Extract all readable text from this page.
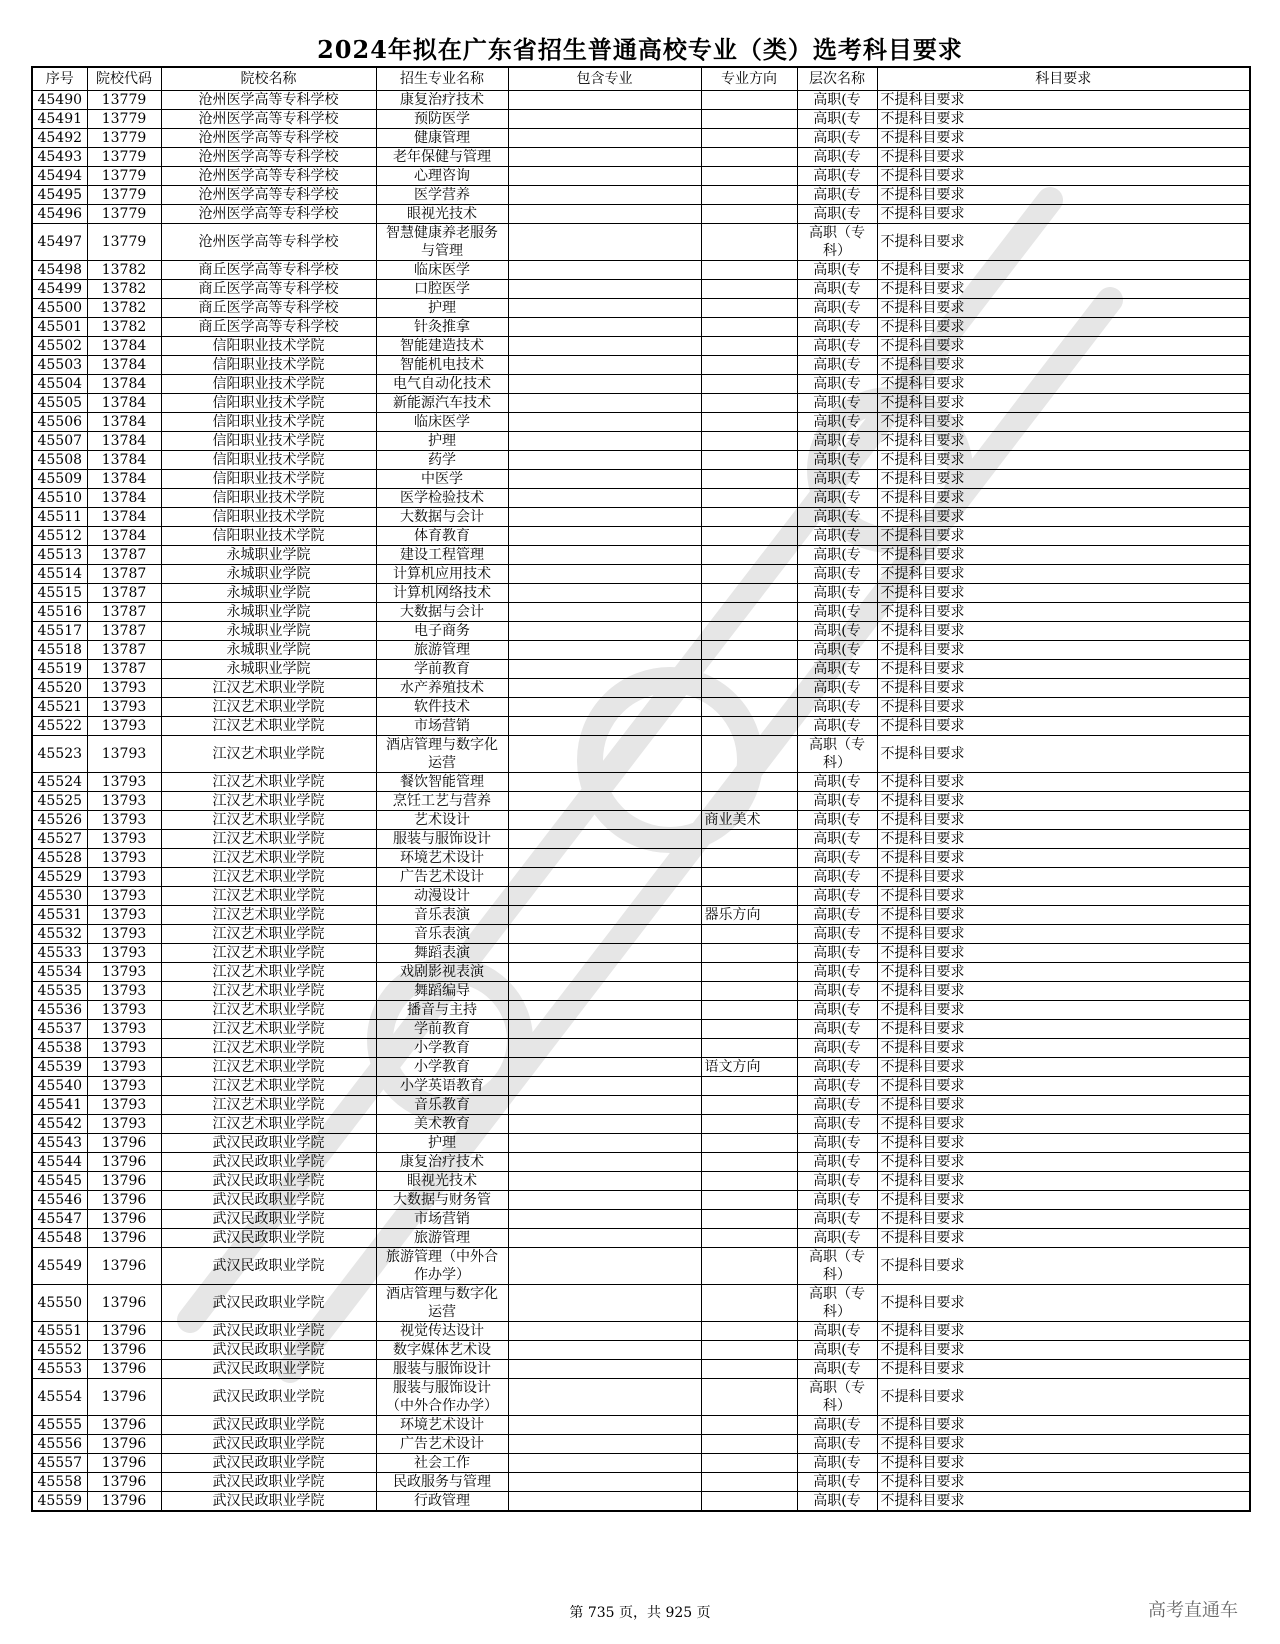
2024年拟在广东省招生普通高校专业（类）选考科目要求
序号	院校代码	院校名称	招生专业名称	包含专业	专业方向	层次名称	科目要求
45490	13779	沧州医学高等专科学校	康复治疗技术			高职(专	不提科目要求
45491	13779	沧州医学高等专科学校	预防医学			高职(专	不提科目要求
45492	13779	沧州医学高等专科学校	健康管理			高职(专	不提科目要求
45493	13779	沧州医学高等专科学校	老年保健与管理			高职(专	不提科目要求
45494	13779	沧州医学高等专科学校	心理咨询			高职(专	不提科目要求
45495	13779	沧州医学高等专科学校	医学营养			高职(专	不提科目要求
45496	13779	沧州医学高等专科学校	眼视光技术			高职(专	不提科目要求
45497	13779	沧州医学高等专科学校	智慧健康养老服务与管理			高职（专科）	不提科目要求
45498	13782	商丘医学高等专科学校	临床医学			高职(专	不提科目要求
45499	13782	商丘医学高等专科学校	口腔医学			高职(专	不提科目要求
45500	13782	商丘医学高等专科学校	护理			高职(专	不提科目要求
45501	13782	商丘医学高等专科学校	针灸推拿			高职(专	不提科目要求
45502	13784	信阳职业技术学院	智能建造技术			高职(专	不提科目要求
45503	13784	信阳职业技术学院	智能机电技术			高职(专	不提科目要求
45504	13784	信阳职业技术学院	电气自动化技术			高职(专	不提科目要求
45505	13784	信阳职业技术学院	新能源汽车技术			高职(专	不提科目要求
45506	13784	信阳职业技术学院	临床医学			高职(专	不提科目要求
45507	13784	信阳职业技术学院	护理			高职(专	不提科目要求
45508	13784	信阳职业技术学院	药学			高职(专	不提科目要求
45509	13784	信阳职业技术学院	中医学			高职(专	不提科目要求
45510	13784	信阳职业技术学院	医学检验技术			高职(专	不提科目要求
45511	13784	信阳职业技术学院	大数据与会计			高职(专	不提科目要求
45512	13784	信阳职业技术学院	体育教育			高职(专	不提科目要求
45513	13787	永城职业学院	建设工程管理			高职(专	不提科目要求
45514	13787	永城职业学院	计算机应用技术			高职(专	不提科目要求
45515	13787	永城职业学院	计算机网络技术			高职(专	不提科目要求
45516	13787	永城职业学院	大数据与会计			高职(专	不提科目要求
45517	13787	永城职业学院	电子商务			高职(专	不提科目要求
45518	13787	永城职业学院	旅游管理			高职(专	不提科目要求
45519	13787	永城职业学院	学前教育			高职(专	不提科目要求
45520	13793	江汉艺术职业学院	水产养殖技术			高职(专	不提科目要求
45521	13793	江汉艺术职业学院	软件技术			高职(专	不提科目要求
45522	13793	江汉艺术职业学院	市场营销			高职(专	不提科目要求
45523	13793	江汉艺术职业学院	酒店管理与数字化运营			高职（专科）	不提科目要求
45524	13793	江汉艺术职业学院	餐饮智能管理			高职(专	不提科目要求
45525	13793	江汉艺术职业学院	烹饪工艺与营养			高职(专	不提科目要求
45526	13793	江汉艺术职业学院	艺术设计		商业美术	高职(专	不提科目要求
45527	13793	江汉艺术职业学院	服装与服饰设计			高职(专	不提科目要求
45528	13793	江汉艺术职业学院	环境艺术设计			高职(专	不提科目要求
45529	13793	江汉艺术职业学院	广告艺术设计			高职(专	不提科目要求
45530	13793	江汉艺术职业学院	动漫设计			高职(专	不提科目要求
45531	13793	江汉艺术职业学院	音乐表演		器乐方向	高职(专	不提科目要求
45532	13793	江汉艺术职业学院	音乐表演			高职(专	不提科目要求
45533	13793	江汉艺术职业学院	舞蹈表演			高职(专	不提科目要求
45534	13793	江汉艺术职业学院	戏剧影视表演			高职(专	不提科目要求
45535	13793	江汉艺术职业学院	舞蹈编导			高职(专	不提科目要求
45536	13793	江汉艺术职业学院	播音与主持			高职(专	不提科目要求
45537	13793	江汉艺术职业学院	学前教育			高职(专	不提科目要求
45538	13793	江汉艺术职业学院	小学教育			高职(专	不提科目要求
45539	13793	江汉艺术职业学院	小学教育		语文方向	高职(专	不提科目要求
45540	13793	江汉艺术职业学院	小学英语教育			高职(专	不提科目要求
45541	13793	江汉艺术职业学院	音乐教育			高职(专	不提科目要求
45542	13793	江汉艺术职业学院	美术教育			高职(专	不提科目要求
45543	13796	武汉民政职业学院	护理			高职(专	不提科目要求
45544	13796	武汉民政职业学院	康复治疗技术			高职(专	不提科目要求
45545	13796	武汉民政职业学院	眼视光技术			高职(专	不提科目要求
45546	13796	武汉民政职业学院	大数据与财务管			高职(专	不提科目要求
45547	13796	武汉民政职业学院	市场营销			高职(专	不提科目要求
45548	13796	武汉民政职业学院	旅游管理			高职(专	不提科目要求
45549	13796	武汉民政职业学院	旅游管理（中外合作办学）			高职（专科）	不提科目要求
45550	13796	武汉民政职业学院	酒店管理与数字化运营			高职（专科）	不提科目要求
45551	13796	武汉民政职业学院	视觉传达设计			高职(专	不提科目要求
45552	13796	武汉民政职业学院	数字媒体艺术设			高职(专	不提科目要求
45553	13796	武汉民政职业学院	服装与服饰设计			高职(专	不提科目要求
45554	13796	武汉民政职业学院	服装与服饰设计（中外合作办学）			高职（专科）	不提科目要求
45555	13796	武汉民政职业学院	环境艺术设计			高职(专	不提科目要求
45556	13796	武汉民政职业学院	广告艺术设计			高职(专	不提科目要求
45557	13796	武汉民政职业学院	社会工作			高职(专	不提科目要求
45558	13796	武汉民政职业学院	民政服务与管理			高职(专	不提科目要求
45559	13796	武汉民政职业学院	行政管理			高职(专	不提科目要求
第 735 页，共 925 页	高考直通车
